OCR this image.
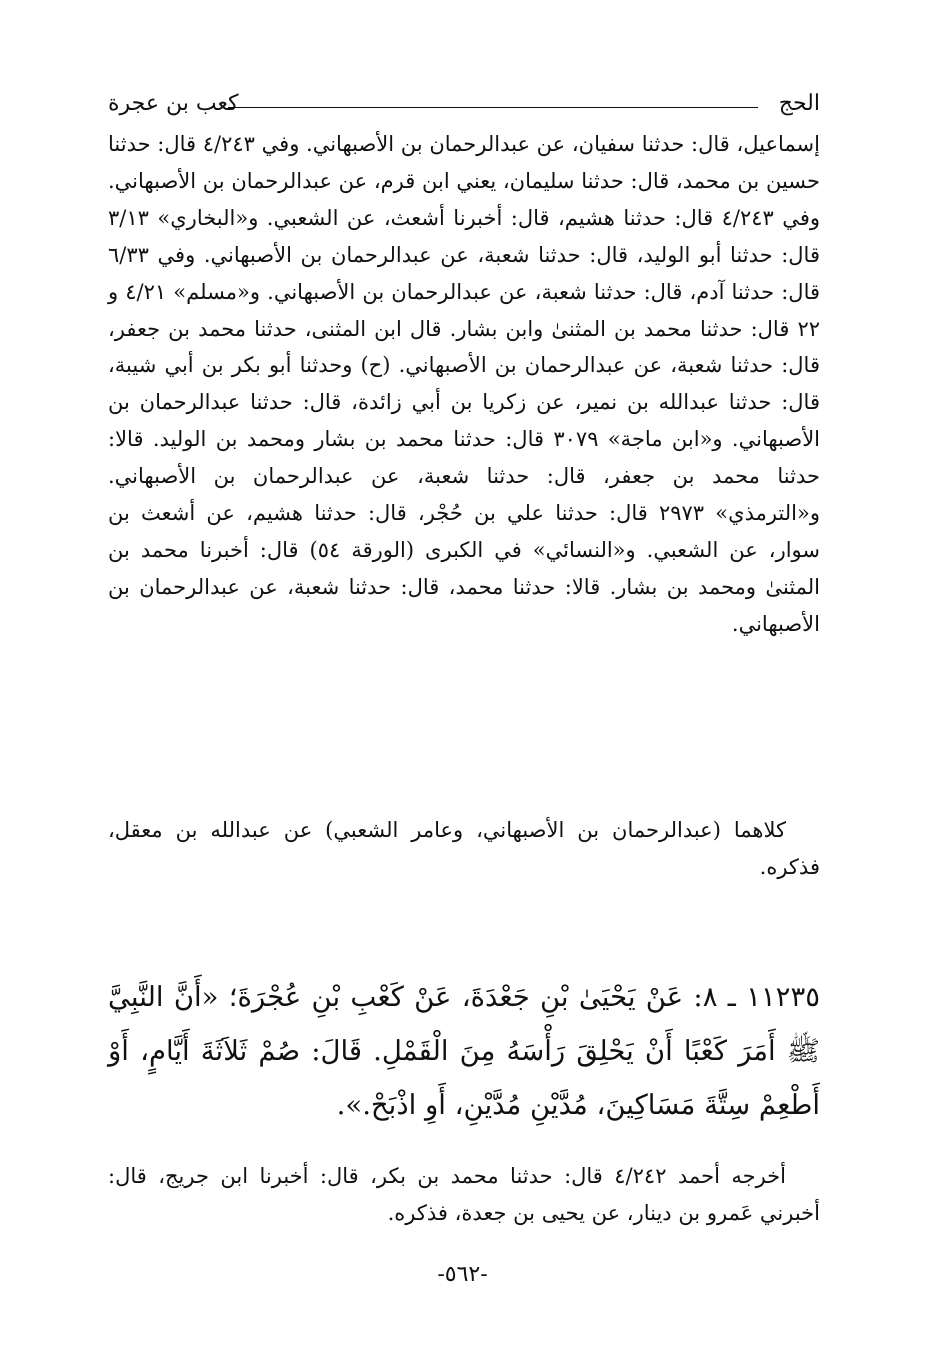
الحج
كعب بن عجرة

إسماعيل، قال: حدثنا سفيان، عن عبدالرحمان بن الأصبهاني. وفي ٤/٢٤٣ قال: حدثنا حسين بن محمد، قال: حدثنا سليمان، يعني ابن قرم، عن عبدالرحمان بن الأصبهاني. وفي ٤/٢٤٣ قال: حدثنا هشيم، قال: أخبرنا أشعث، عن الشعبي. و«البخاري» ٣/١٣ قال: حدثنا أبو الوليد، قال: حدثنا شعبة، عن عبدالرحمان بن الأصبهاني. وفي ٦/٣٣ قال: حدثنا آدم، قال: حدثنا شعبة، عن عبدالرحمان بن الأصبهاني. و«مسلم» ٤/٢١ و ٢٢ قال: حدثنا محمد بن المثنىٰ وابن بشار. قال ابن المثنى، حدثنا محمد بن جعفر، قال: حدثنا شعبة، عن عبدالرحمان بن الأصبهاني. (ح) وحدثنا أبو بكر بن أبي شيبة، قال: حدثنا عبدالله بن نمير، عن زكريا بن أبي زائدة، قال: حدثنا عبدالرحمان بن الأصبهاني. و«ابن ماجة» ٣٠٧٩ قال: حدثنا محمد بن بشار ومحمد بن الوليد. قالا: حدثنا محمد بن جعفر، قال: حدثنا شعبة، عن عبدالرحمان بن الأصبهاني. و«الترمذي» ٢٩٧٣ قال: حدثنا علي بن حُجْر، قال: حدثنا هشيم، عن أشعث بن سوار، عن الشعبي. و«النسائي» في الكبرى (الورقة ٥٤) قال: أخبرنا محمد بن المثنىٰ ومحمد بن بشار. قالا: حدثنا محمد، قال: حدثنا شعبة، عن عبدالرحمان بن الأصبهاني.

كلاهما (عبدالرحمان بن الأصبهاني، وعامر الشعبي) عن عبدالله بن معقل، فذكره.

١١٢٣٥ ـ ٨: عَنْ يَحْيَىٰ بْنِ جَعْدَةَ، عَنْ كَعْبِ بْنِ عُجْرَةَ؛ «أَنَّ النَّبِيَّ ﷺ أَمَرَ كَعْبًا أَنْ يَحْلِقَ رَأْسَهُ مِنَ الْقَمْلِ. قَالَ: صُمْ ثَلاَثَةَ أَيَّامٍ، أَوْ أَطْعِمْ سِتَّةَ مَسَاكِينَ، مُدَّيْنِ مُدَّيْنِ، أَوِ اذْبَحْ.».

أخرجه أحمد ٤/٢٤٢ قال: حدثنا محمد بن بكر، قال: أخبرنا ابن جريج، قال: أخبرني عَمرو بن دينار، عن يحيى بن جعدة، فذكره.

-٥٦٢-
